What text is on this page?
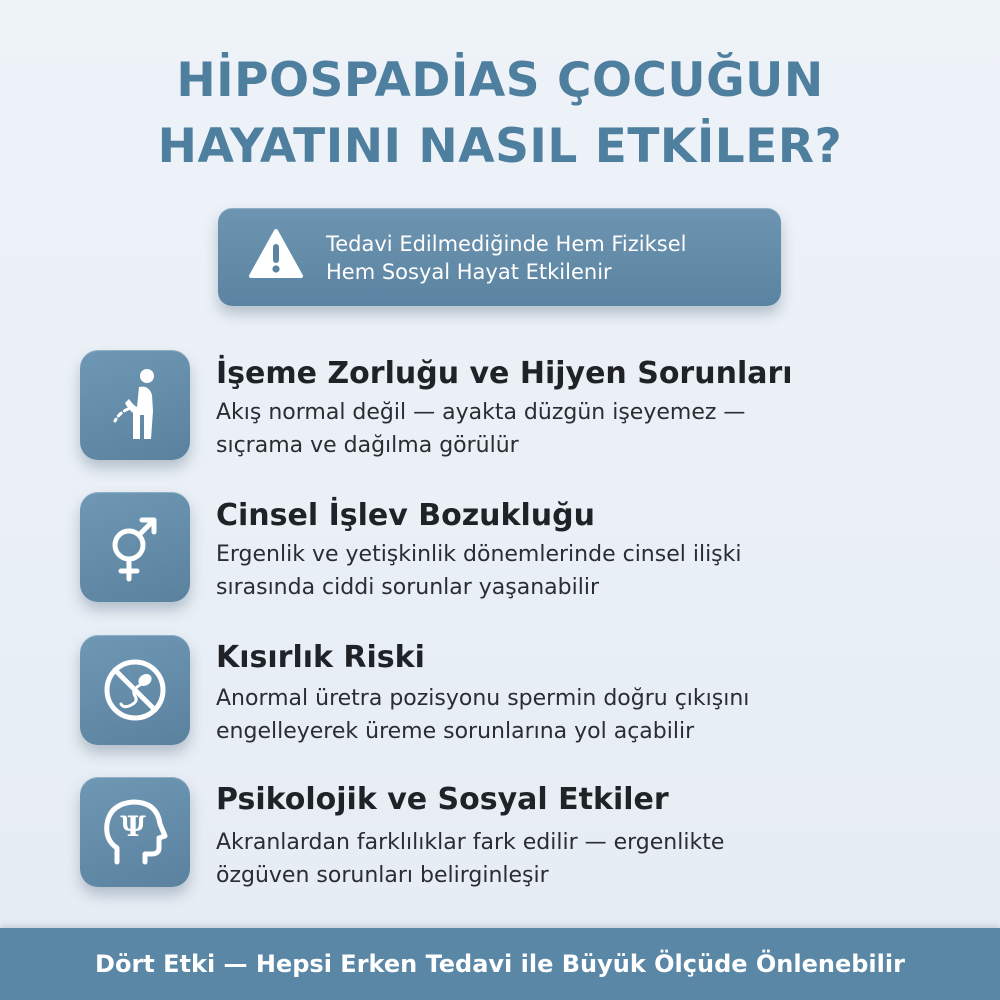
HİPOSPADİAS ÇOCUĞUN
HAYATINI NASIL ETKİLER?
Tedavi Edilmediğinde Hem Fiziksel
Hem Sosyal Hayat Etkilenir
İşeme Zorluğu ve Hijyen Sorunları
Akış normal değil — ayakta düzgün işeyemez —
sıçrama ve dağılma görülür
Cinsel İşlev Bozukluğu
Ergenlik ve yetişkinlik dönemlerinde cinsel ilişki
sırasında ciddi sorunlar yaşanabilir
Kısırlık Riski
Anormal üretra pozisyonu spermin doğru çıkışını
engelleyerek üreme sorunlarına yol açabilir
Ψ
Psikolojik ve Sosyal Etkiler
Akranlardan farklılıklar fark edilir — ergenlikte
özgüven sorunları belirginleşir
Dört Etki — Hepsi Erken Tedavi ile Büyük Ölçüde Önlenebilir
